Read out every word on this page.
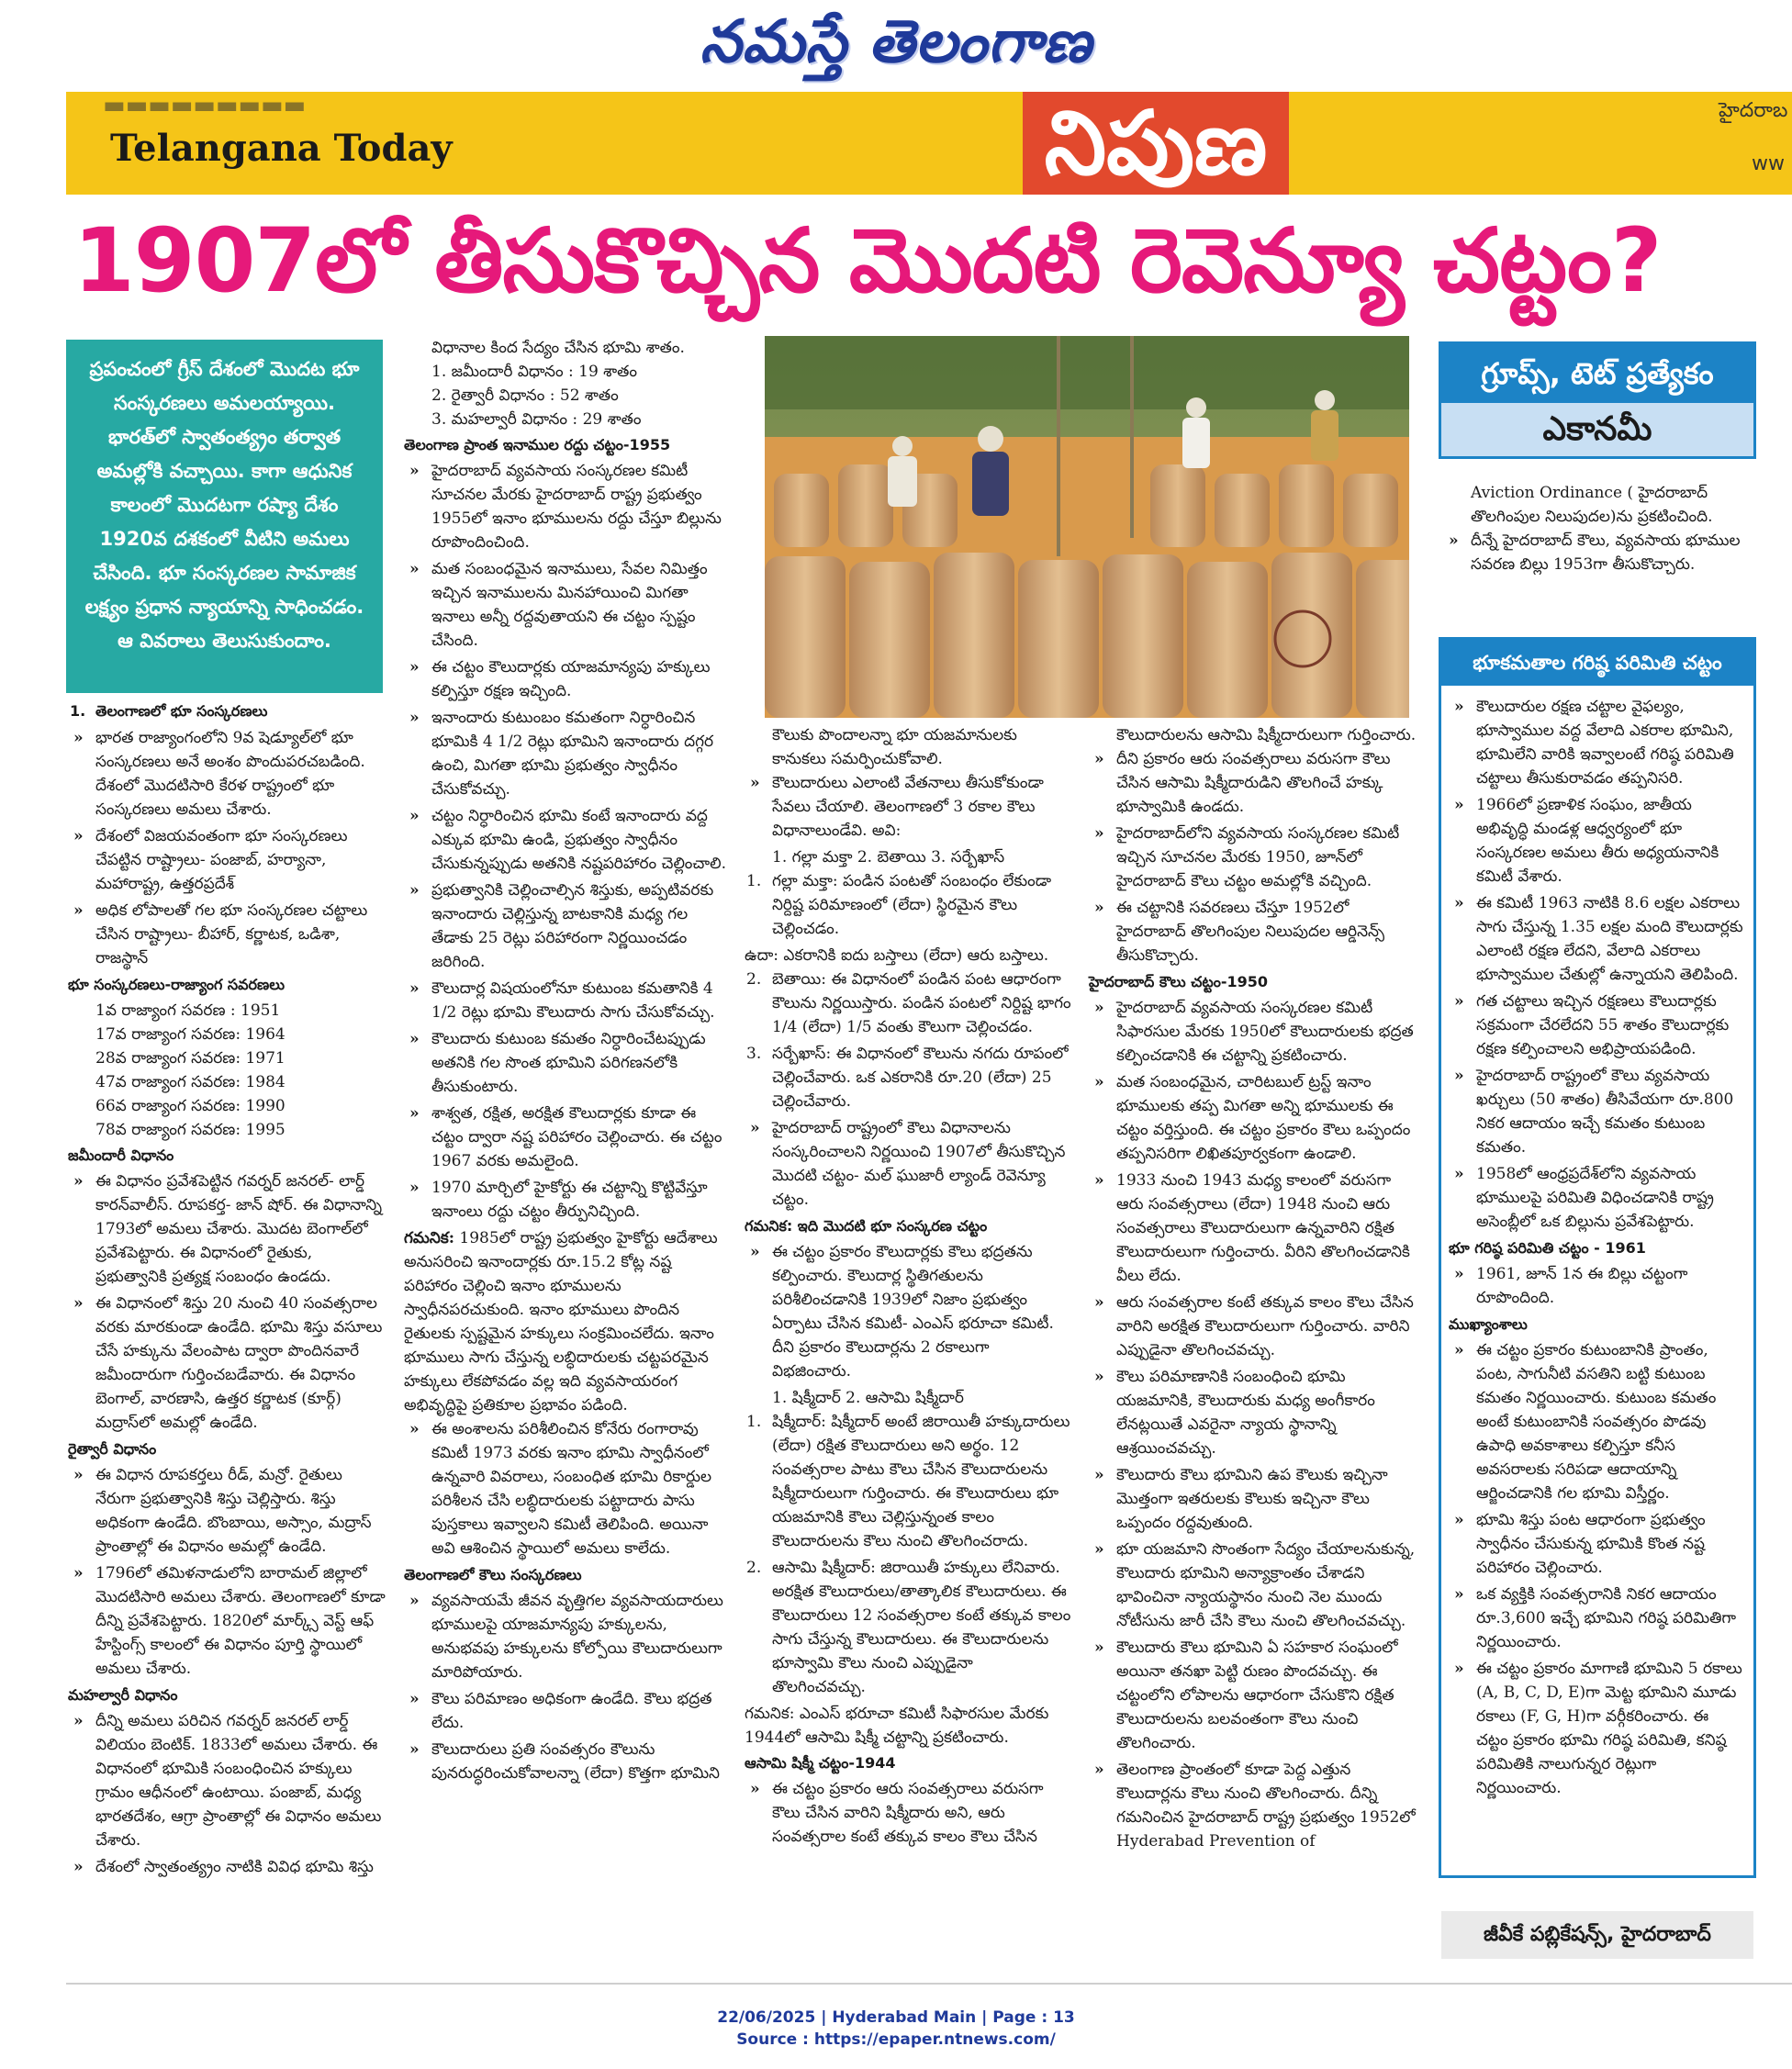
నమస్తే తెలంగాణ
▬▬▬▬▬▬▬▬▬
Telangana Today	నిపుణ	హైదరాబ
ww
1907లో తీసుకొచ్చిన మొదటి రెవెన్యూ చట్టం?
ప్రపంచంలో గ్రీస్ దేశంలో మొదట భూ సంస్కరణలు అమలయ్యాయి. భారత్‌లో స్వాతంత్య్రం తర్వాత అమల్లోకి వచ్చాయి. కాగా ఆధునిక కాలంలో మొదటగా రష్యా దేశం 1920వ దశకంలో వీటిని అమలు చేసింది. భూ సంస్కరణల సామాజిక లక్ష్యం ప్రధాన న్యాయాన్ని సాధించడం. ఆ వివరాలు తెలుసుకుందాం.

1. తెలంగాణలో భూ సంస్కరణలు

» భారత రాజ్యాంగంలోని 9వ షెడ్యూల్‌లో భూ సంస్కరణలు అనే అంశం పొందుపరచబడింది. దేశంలో మొదటిసారి కేరళ రాష్ట్రంలో భూ సంస్కరణలు అమలు చేశారు.

» దేశంలో విజయవంతంగా భూ సంస్కరణలు చేపట్టిన రాష్ట్రాలు- పంజాబ్, హర్యానా, మహారాష్ట్ర, ఉత్తరప్రదేశ్

» అధిక లోపాలతో గల భూ సంస్కరణల చట్టాలు చేసిన రాష్ట్రాలు- బీహార్, కర్ణాటక, ఒడిశా, రాజస్థాన్

భూ సంస్కరణలు-రాజ్యాంగ సవరణలు

1వ రాజ్యాంగ సవరణ : 1951

17వ రాజ్యాంగ సవరణ: 1964

28వ రాజ్యాంగ సవరణ: 1971

47వ రాజ్యాంగ సవరణ: 1984

66వ రాజ్యాంగ సవరణ: 1990

78వ రాజ్యాంగ సవరణ: 1995

జమీందారీ విధానం

» ఈ విధానం ప్రవేశపెట్టిన గవర్నర్ జనరల్- లార్డ్ కారన్‌వాలీస్. రూపకర్త- జాన్ షోర్. ఈ విధానాన్ని 1793లో అమలు చేశారు. మొదట బెంగాల్‌లో ప్రవేశపెట్టారు. ఈ విధానంలో రైతుకు, ప్రభుత్వానికి ప్రత్యక్ష సంబంధం ఉండదు.

» ఈ విధానంలో శిస్తు 20 నుంచి 40 సంవత్సరాల వరకు మారకుండా ఉండేది. భూమి శిస్తు వసూలు చేసే హక్కును వేలంపాట ద్వారా పొందినవారే జమీందారుగా గుర్తించబడేవారు. ఈ విధానం బెంగాల్, వారణాసి, ఉత్తర కర్ణాటక (కూర్గ్) మద్రాస్‌లో అమల్లో ఉండేది.

రైత్వారీ విధానం

» ఈ విధాన రూపకర్తలు రీడ్, మన్రో. రైతులు నేరుగా ప్రభుత్వానికి శిస్తు చెల్లిస్తారు. శిస్తు అధికంగా ఉండేది. బొంబాయి, అస్సాం, మద్రాస్ ప్రాంతాల్లో ఈ విధానం అమల్లో ఉండేది.

» 1796లో తమిళనాడులోని బారామల్ జిల్లాలో మొదటిసారి అమలు చేశారు. తెలంగాణలో కూడా దీన్ని ప్రవేశపెట్టారు. 1820లో మార్క్స్ వెస్ట్ ఆఫ్ హేస్టింగ్స్ కాలంలో ఈ విధానం పూర్తి స్థాయిలో అమలు చేశారు.

మహల్వారీ విధానం

» దీన్ని అమలు పరిచిన గవర్నర్ జనరల్ లార్డ్ విలియం బెంటిక్. 1833లో అమలు చేశారు. ఈ విధానంలో భూమికి సంబంధించిన హక్కులు గ్రామం ఆధీనంలో ఉంటాయి. పంజాబ్, మధ్య భారతదేశం, ఆగ్రా ప్రాంతాల్లో ఈ విధానం అమలు చేశారు.

» దేశంలో స్వాతంత్య్రం నాటికి వివిధ భూమి శిస్తు

విధానాల కింద సేద్యం చేసిన భూమి శాతం.

1. జమీందారీ విధానం : 19 శాతం

2. రైత్వారీ విధానం : 52 శాతం

3. మహల్వారీ విధానం : 29 శాతం

తెలంగాణ ప్రాంత ఇనాముల రద్దు చట్టం-1955

» హైదరాబాద్ వ్యవసాయ సంస్కరణల కమిటీ సూచనల మేరకు హైదరాబాద్ రాష్ట్ర ప్రభుత్వం 1955లో ఇనాం భూములను రద్దు చేస్తూ బిల్లును రూపొందించింది.

» మత సంబంధమైన ఇనాములు, సేవల నిమిత్తం ఇచ్చిన ఇనాములను మినహాయించి మిగతా ఇనాలు అన్నీ రద్దవుతాయని ఈ చట్టం స్పష్టం చేసింది.

» ఈ చట్టం కౌలుదార్లకు యాజమాన్యపు హక్కులు కల్పిస్తూ రక్షణ ఇచ్చింది.

» ఇనాందారు కుటుంబం కమతంగా నిర్ధారించిన భూమికి 4 1/2 రెట్లు భూమిని ఇనాందారు దగ్గర ఉంచి, మిగతా భూమి ప్రభుత్వం స్వాధీనం చేసుకోవచ్చు.

» చట్టం నిర్ధారించిన భూమి కంటే ఇనాందారు వద్ద ఎక్కువ భూమి ఉండి, ప్రభుత్వం స్వాధీనం చేసుకున్నప్పుడు అతనికి నష్టపరిహారం చెల్లించాలి.

» ప్రభుత్వానికి చెల్లించాల్సిన శిస్తుకు, అప్పటివరకు ఇనాందారు చెల్లిస్తున్న బాటకానికి మధ్య గల తేడాకు 25 రెట్లు పరిహారంగా నిర్ణయించడం జరిగింది.

» కౌలుదార్ల విషయంలోనూ కుటుంబ కమతానికి 4 1/2 రెట్లు భూమి కౌలుదారు సాగు చేసుకోవచ్చు.

» కౌలుదారు కుటుంబ కమతం నిర్ధారించేటప్పుడు అతనికి గల సొంత భూమిని పరిగణనలోకి తీసుకుంటారు.

» శాశ్వత, రక్షిత, అరక్షిత కౌలుదార్లకు కూడా ఈ చట్టం ద్వారా నష్ట పరిహారం చెల్లించారు. ఈ చట్టం 1967 వరకు అమలైంది.

» 1970 మార్చిలో హైకోర్టు ఈ చట్టాన్ని కొట్టివేస్తూ ఇనాంలు రద్దు చట్టం తీర్పునిచ్చింది.

గమనిక: 1985లో రాష్ట్ర ప్రభుత్వం హైకోర్టు ఆదేశాలు అనుసరించి ఇనాందార్లకు రూ.15.2 కోట్ల నష్ట పరిహారం చెల్లించి ఇనాం భూములను స్వాధీనపరచుకుంది. ఇనాం భూములు పొందిన రైతులకు స్పష్టమైన హక్కులు సంక్రమించలేదు. ఇనాం భూములు సాగు చేస్తున్న లబ్ధిదారులకు చట్టపరమైన హక్కులు లేకపోవడం వల్ల ఇది వ్యవసాయరంగ అభివృద్ధిపై ప్రతికూల ప్రభావం పడింది.

» ఈ అంశాలను పరిశీలించిన కోనేరు రంగారావు కమిటీ 1973 వరకు ఇనాం భూమి స్వాధీనంలో ఉన్నవారి వివరాలు, సంబంధిత భూమి రికార్డుల పరిశీలన చేసి లబ్ధిదారులకు పట్టాదారు పాసు పుస్తకాలు ఇవ్వాలని కమిటీ తెలిపింది. అయినా అవి ఆశించిన స్థాయిలో అమలు కాలేదు.

తెలంగాణలో కౌలు సంస్కరణలు

» వ్యవసాయమే జీవన వృత్తిగల వ్యవసాయదారులు భూములపై యాజమాన్యపు హక్కులను, అనుభవపు హక్కులను కోల్పోయి కౌలుదారులుగా మారిపోయారు.

» కౌలు పరిమాణం అధికంగా ఉండేది. కౌలు భద్రత లేదు.

» కౌలుదారులు ప్రతి సంవత్సరం కౌలును పునరుద్ధరించుకోవాలన్నా (లేదా) కొత్తగా భూమిని

కౌలుకు పొందాలన్నా భూ యజమానులకు కానుకలు సమర్పించుకోవాలి.

» కౌలుదారులు ఎలాంటి వేతనాలు తీసుకోకుండా సేవలు చేయాలి. తెలంగాణలో 3 రకాల కౌలు విధానాలుండేవి. అవి:

1. గల్లా మక్తా 2. బెతాయి 3. సర్బేఖాస్

1. గల్లా మక్తా: పండిన పంటతో సంబంధం లేకుండా నిర్దిష్ట పరిమాణంలో (లేదా) స్థిరమైన కౌలు చెల్లించడం.

ఉదా: ఎకరానికి ఐదు బస్తాలు (లేదా) ఆరు బస్తాలు.

2. బెతాయి: ఈ విధానంలో పండిన పంట ఆధారంగా కౌలును నిర్ణయిస్తారు. పండిన పంటలో నిర్దిష్ట భాగం 1/4 (లేదా) 1/5 వంతు కౌలుగా చెల్లించడం.

3. సర్బేఖాస్: ఈ విధానంలో కౌలును నగదు రూపంలో చెల్లించేవారు. ఒక ఎకరానికి రూ.20 (లేదా) 25 చెల్లించేవారు.

» హైదరాబాద్ రాష్ట్రంలో కౌలు విధానాలను సంస్కరించాలని నిర్ణయించి 1907లో తీసుకొచ్చిన మొదటి చట్టం- మల్ ఘుజారీ ల్యాండ్ రెవెన్యూ చట్టం.

గమనిక: ఇది మొదటి భూ సంస్కరణ చట్టం

» ఈ చట్టం ప్రకారం కౌలుదార్లకు కౌలు భద్రతను కల్పించారు. కౌలుదార్ల స్థితిగతులను పరిశీలించడానికి 1939లో నిజాం ప్రభుత్వం ఏర్పాటు చేసిన కమిటీ- ఎంఎస్ భరూచా కమిటీ. దీని ప్రకారం కౌలుదార్లను 2 రకాలుగా విభజించారు.

1. షిక్మీదార్ 2. ఆసామి షిక్మీదార్

1. షిక్మీదార్: షిక్మీదార్ అంటే జిరాయితీ హక్కుదారులు (లేదా) రక్షిత కౌలుదారులు అని అర్థం. 12 సంవత్సరాల పాటు కౌలు చేసిన కౌలుదారులను షిక్మీదారులుగా గుర్తించారు. ఈ కౌలుదారులు భూ యజమానికి కౌలు చెల్లిస్తున్నంత కాలం కౌలుదారులను కౌలు నుంచి తొలగించరాదు.

2. ఆసామి షిక్మీదార్: జిరాయితీ హక్కులు లేనివారు. అరక్షిత కౌలుదారులు/తాత్కాలిక కౌలుదారులు. ఈ కౌలుదారులు 12 సంవత్సరాల కంటే తక్కువ కాలం సాగు చేస్తున్న కౌలుదారులు. ఈ కౌలుదారులను భూస్వామి కౌలు నుంచి ఎప్పుడైనా తొలగించవచ్చు.

గమనిక: ఎంఎస్ భరూచా కమిటీ సిఫారసుల మేరకు 1944లో ఆసామి షిక్మీ చట్టాన్ని ప్రకటించారు.

ఆసామి షిక్మీ చట్టం-1944

» ఈ చట్టం ప్రకారం ఆరు సంవత్సరాలు వరుసగా కౌలు చేసిన వారిని షిక్మీదారు అని, ఆరు సంవత్సరాల కంటే తక్కువ కాలం కౌలు చేసిన

కౌలుదారులను ఆసామి షిక్మీదారులుగా గుర్తించారు.

» దీని ప్రకారం ఆరు సంవత్సరాలు వరుసగా కౌలు చేసిన ఆసామి షిక్మీదారుడిని తొలగించే హక్కు భూస్వామికి ఉండదు.

» హైదరాబాద్‌లోని వ్యవసాయ సంస్కరణల కమిటీ ఇచ్చిన సూచనల మేరకు 1950, జూన్‌లో హైదరాబాద్ కౌలు చట్టం అమల్లోకి వచ్చింది.

» ఈ చట్టానికి సవరణలు చేస్తూ 1952లో హైదరాబాద్ తొలగింపుల నిలుపుదల ఆర్డినెన్స్ తీసుకొచ్చారు.

హైదరాబాద్ కౌలు చట్టం-1950

» హైదరాబాద్ వ్యవసాయ సంస్కరణల కమిటీ సిఫారసుల మేరకు 1950లో కౌలుదారులకు భద్రత కల్పించడానికి ఈ చట్టాన్ని ప్రకటించారు.

» మత సంబంధమైన, చారిటబుల్ ట్రస్ట్ ఇనాం భూములకు తప్ప మిగతా అన్ని భూములకు ఈ చట్టం వర్తిస్తుంది. ఈ చట్టం ప్రకారం కౌలు ఒప్పందం తప్పనిసరిగా లిఖితపూర్వకంగా ఉండాలి.

» 1933 నుంచి 1943 మధ్య కాలంలో వరుసగా ఆరు సంవత్సరాలు (లేదా) 1948 నుంచి ఆరు సంవత్సరాలు కౌలుదారులుగా ఉన్నవారిని రక్షిత కౌలుదారులుగా గుర్తించారు. వీరిని తొలగించడానికి వీలు లేదు.

» ఆరు సంవత్సరాల కంటే తక్కువ కాలం కౌలు చేసిన వారిని అరక్షిత కౌలుదారులుగా గుర్తించారు. వారిని ఎప్పుడైనా తొలగించవచ్చు.

» కౌలు పరిమాణానికి సంబంధించి భూమి యజమానికి, కౌలుదారుకు మధ్య అంగీకారం లేనట్లయితే ఎవరైనా న్యాయ స్థానాన్ని ఆశ్రయించవచ్చు.

» కౌలుదారు కౌలు భూమిని ఉప కౌలుకు ఇచ్చినా మొత్తంగా ఇతరులకు కౌలుకు ఇచ్చినా కౌలు ఒప్పందం రద్దవుతుంది.

» భూ యజమాని సొంతంగా సేద్యం చేయాలనుకున్న, కౌలుదారు భూమిని అన్యాక్రాంతం చేశాడని భావించినా న్యాయస్థానం నుంచి నెల ముందు నోటీసును జారీ చేసి కౌలు నుంచి తొలగించవచ్చు.

» కౌలుదారు కౌలు భూమిని ఏ సహకార సంఘంలో అయినా తనఖా పెట్టి రుణం పొందవచ్చు. ఈ చట్టంలోని లోపాలను ఆధారంగా చేసుకొని రక్షిత కౌలుదారులను బలవంతంగా కౌలు నుంచి తొలగించారు.

» తెలంగాణ ప్రాంతంలో కూడా పెద్ద ఎత్తున కౌలుదార్లను కౌలు నుంచి తొలగించారు. దీన్ని గమనించిన హైదరాబాద్ రాష్ట్ర ప్రభుత్వం 1952లో Hyderabad Prevention of

గ్రూప్స్, టెట్ ప్రత్యేకం
ఎకానమీ

Aviction Ordinance ( హైదరాబాద్ తొలగింపుల నిలుపుదల)ను ప్రకటించింది.

» దీన్నే హైదరాబాద్ కౌలు, వ్యవసాయ భూముల సవరణ బిల్లు 1953గా తీసుకొచ్చారు.

భూకమతాల గరిష్ఠ పరిమితి చట్టం

» కౌలుదారుల రక్షణ చట్టాల వైఫల్యం, భూస్వాముల వద్ద వేలాది ఎకరాల భూమిని, భూమిలేని వారికి ఇవ్వాలంటే గరిష్ఠ పరిమితి చట్టాలు తీసుకురావడం తప్పనిసరి.

» 1966లో ప్రణాళిక సంఘం, జాతీయ అభివృద్ధి మండళ్ల ఆధ్వర్యంలో భూ సంస్కరణల అమలు తీరు అధ్యయనానికి కమిటీ వేశారు.

» ఈ కమిటీ 1963 నాటికి 8.6 లక్షల ఎకరాలు సాగు చేస్తున్న 1.35 లక్షల మంది కౌలుదార్లకు ఎలాంటి రక్షణ లేదని, వేలాది ఎకరాలు భూస్వాముల చేతుల్లో ఉన్నాయని తెలిపింది.

» గత చట్టాలు ఇచ్చిన రక్షణలు కౌలుదార్లకు సక్రమంగా చేరలేదని 55 శాతం కౌలుదార్లకు రక్షణ కల్పించాలని అభిప్రాయపడింది.

» హైదరాబాద్ రాష్ట్రంలో కౌలు వ్యవసాయ ఖర్చులు (50 శాతం) తీసివేయగా రూ.800 నికర ఆదాయం ఇచ్చే కమతం కుటుంబ కమతం.

» 1958లో ఆంధ్రప్రదేశ్‌లోని వ్యవసాయ భూములపై పరిమితి విధించడానికి రాష్ట్ర అసెంబ్లీలో ఒక బిల్లును ప్రవేశపెట్టారు.

భూ గరిష్ఠ పరిమితి చట్టం - 1961

» 1961, జూన్ 1న ఈ బిల్లు చట్టంగా రూపొందింది.

ముఖ్యాంశాలు

» ఈ చట్టం ప్రకారం కుటుంబానికి ప్రాంతం, పంట, సాగునీటి వసతిని బట్టి కుటుంబ కమతం నిర్ణయించారు. కుటుంబ కమతం అంటే కుటుంబానికి సంవత్సరం పొడవు ఉపాధి అవకాశాలు కల్పిస్తూ కనీస అవసరాలకు సరిపడా ఆదాయాన్ని ఆర్జించడానికి గల భూమి విస్తీర్ణం.

» భూమి శిస్తు పంట ఆధారంగా ప్రభుత్వం స్వాధీనం చేసుకున్న భూమికి కొంత నష్ట పరిహారం చెల్లించారు.

» ఒక వ్యక్తికి సంవత్సరానికి నికర ఆదాయం రూ.3,600 ఇచ్చే భూమిని గరిష్ఠ పరిమితిగా నిర్ణయించారు.

» ఈ చట్టం ప్రకారం మాగాణి భూమిని 5 రకాలు (A, B, C, D, E)గా మెట్ట భూమిని మూడు రకాలు (F, G, H)గా వర్గీకరించారు. ఈ చట్టం ప్రకారం భూమి గరిష్ఠ పరిమితి, కనిష్ఠ పరిమితికి నాలుగున్నర రెట్లుగా నిర్ణయించారు.

జీవీకే పబ్లికేషన్స్, హైదరాబాద్
22/06/2025 | Hyderabad Main | Page : 13
Source : https://epaper.ntnews.com/
